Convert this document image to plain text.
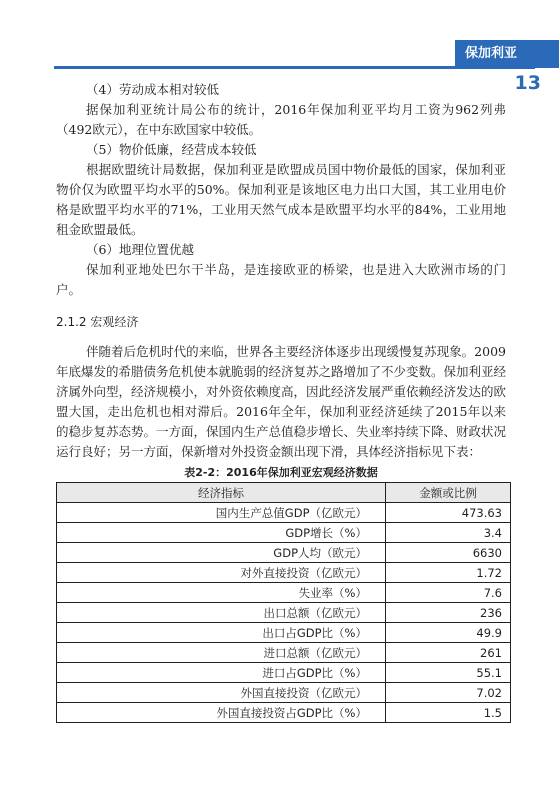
保加利亚
13

（4）劳动成本相对较低

据保加利亚统计局公布的统计，2016年保加利亚平均月工资为962列弗（492欧元），在中东欧国家中较低。

（5）物价低廉，经营成本较低

根据欧盟统计局数据，保加利亚是欧盟成员国中物价最低的国家，保加利亚物价仅为欧盟平均水平的50%。保加利亚是该地区电力出口大国，其工业用电价格是欧盟平均水平的71%，工业用天然气成本是欧盟平均水平的84%，工业用地租金欧盟最低。

（6）地理位置优越

保加利亚地处巴尔干半岛，是连接欧亚的桥梁，也是进入大欧洲市场的门户。

2.1.2 宏观经济

伴随着后危机时代的来临，世界各主要经济体逐步出现缓慢复苏现象。2009年底爆发的希腊债务危机使本就脆弱的经济复苏之路增加了不少变数。保加利亚经济属外向型，经济规模小，对外资依赖度高，因此经济发展严重依赖经济发达的欧盟大国，走出危机也相对滞后。2016年全年，保加利亚经济延续了2015年以来的稳步复苏态势。一方面，保国内生产总值稳步增长、失业率持续下降、财政状况运行良好；另一方面，保新增对外投资金额出现下滑，具体经济指标见下表：

表2-2：2016年保加利亚宏观经济数据
经济指标	金额或比例
国内生产总值GDP（亿欧元）	473.63
GDP增长（%）	3.4
GDP人均（欧元）	6630
对外直接投资（亿欧元）	1.72
失业率（%）	7.6
出口总额（亿欧元）	236
出口占GDP比（%）	49.9
进口总额（亿欧元）	261
进口占GDP比（%）	55.1
外国直接投资（亿欧元）	7.02
外国直接投资占GDP比（%）	1.5
